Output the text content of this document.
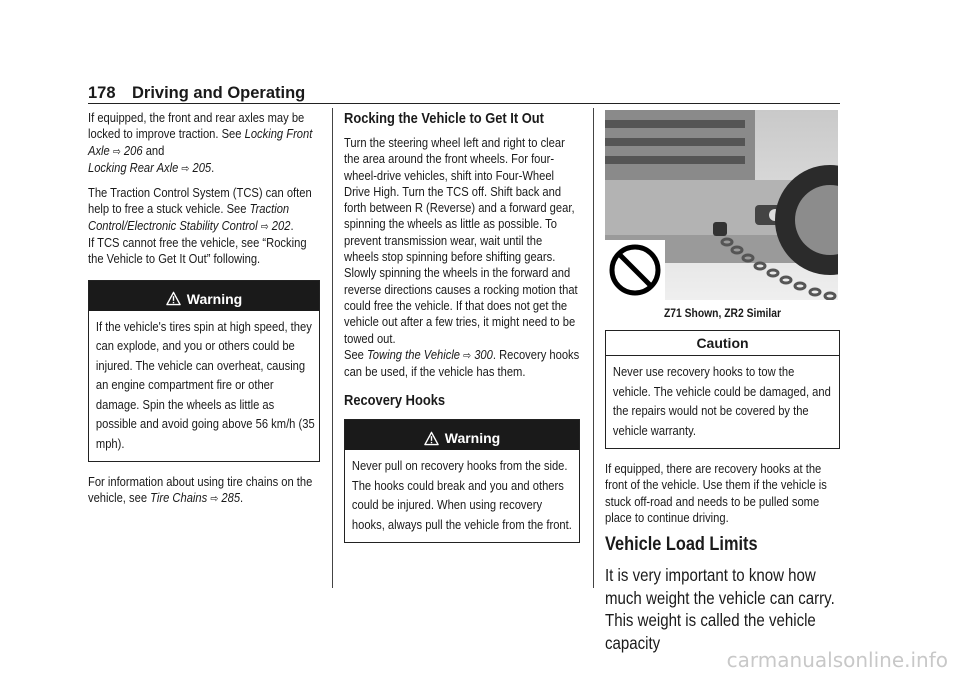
178 Driving and Operating

If equipped, the front and rear axles may be locked to improve traction. See Locking Front Axle ⇨ 206 and
Locking Rear Axle ⇨ 205.

The Traction Control System (TCS) can often help to free a stuck vehicle. See Traction Control/Electronic Stability Control ⇨ 202.
If TCS cannot free the vehicle, see “Rocking the Vehicle to Get It Out” following.

Warning
If the vehicle's tires spin at high speed, they can explode, and you or others could be injured. The vehicle can overheat, causing an engine compartment fire or other damage. Spin the wheels as little as possible and avoid going above 56 km/h (35 mph).

For information about using tire chains on the vehicle, see Tire Chains ⇨ 285.

Rocking the Vehicle to Get It Out

Turn the steering wheel left and right to clear the area around the front wheels. For four-wheel-drive vehicles, shift into Four-Wheel Drive High. Turn the TCS off. Shift back and forth between R (Reverse) and a forward gear, spinning the wheels as little as possible. To prevent transmission wear, wait until the wheels stop spinning before shifting gears. Slowly spinning the wheels in the forward and reverse directions causes a rocking motion that could free the vehicle. If that does not get the vehicle out after a few tries, it might need to be towed out.
See Towing the Vehicle ⇨ 300. Recovery hooks can be used, if the vehicle has them.

Recovery Hooks
Warning
Never pull on recovery hooks from the side. The hooks could break and you and others could be injured. When using recovery hooks, always pull the vehicle from the front.
Z71 Shown, ZR2 Similar
Caution
Never use recovery hooks to tow the vehicle. The vehicle could be damaged, and the repairs would not be covered by the vehicle warranty.

If equipped, there are recovery hooks at the front of the vehicle. Use them if the vehicle is stuck off-road and needs to be pulled some place to continue driving.

Vehicle Load Limits

It is very important to know how much weight the vehicle can carry. This weight is called the vehicle capacity

carmanualsonline.info
